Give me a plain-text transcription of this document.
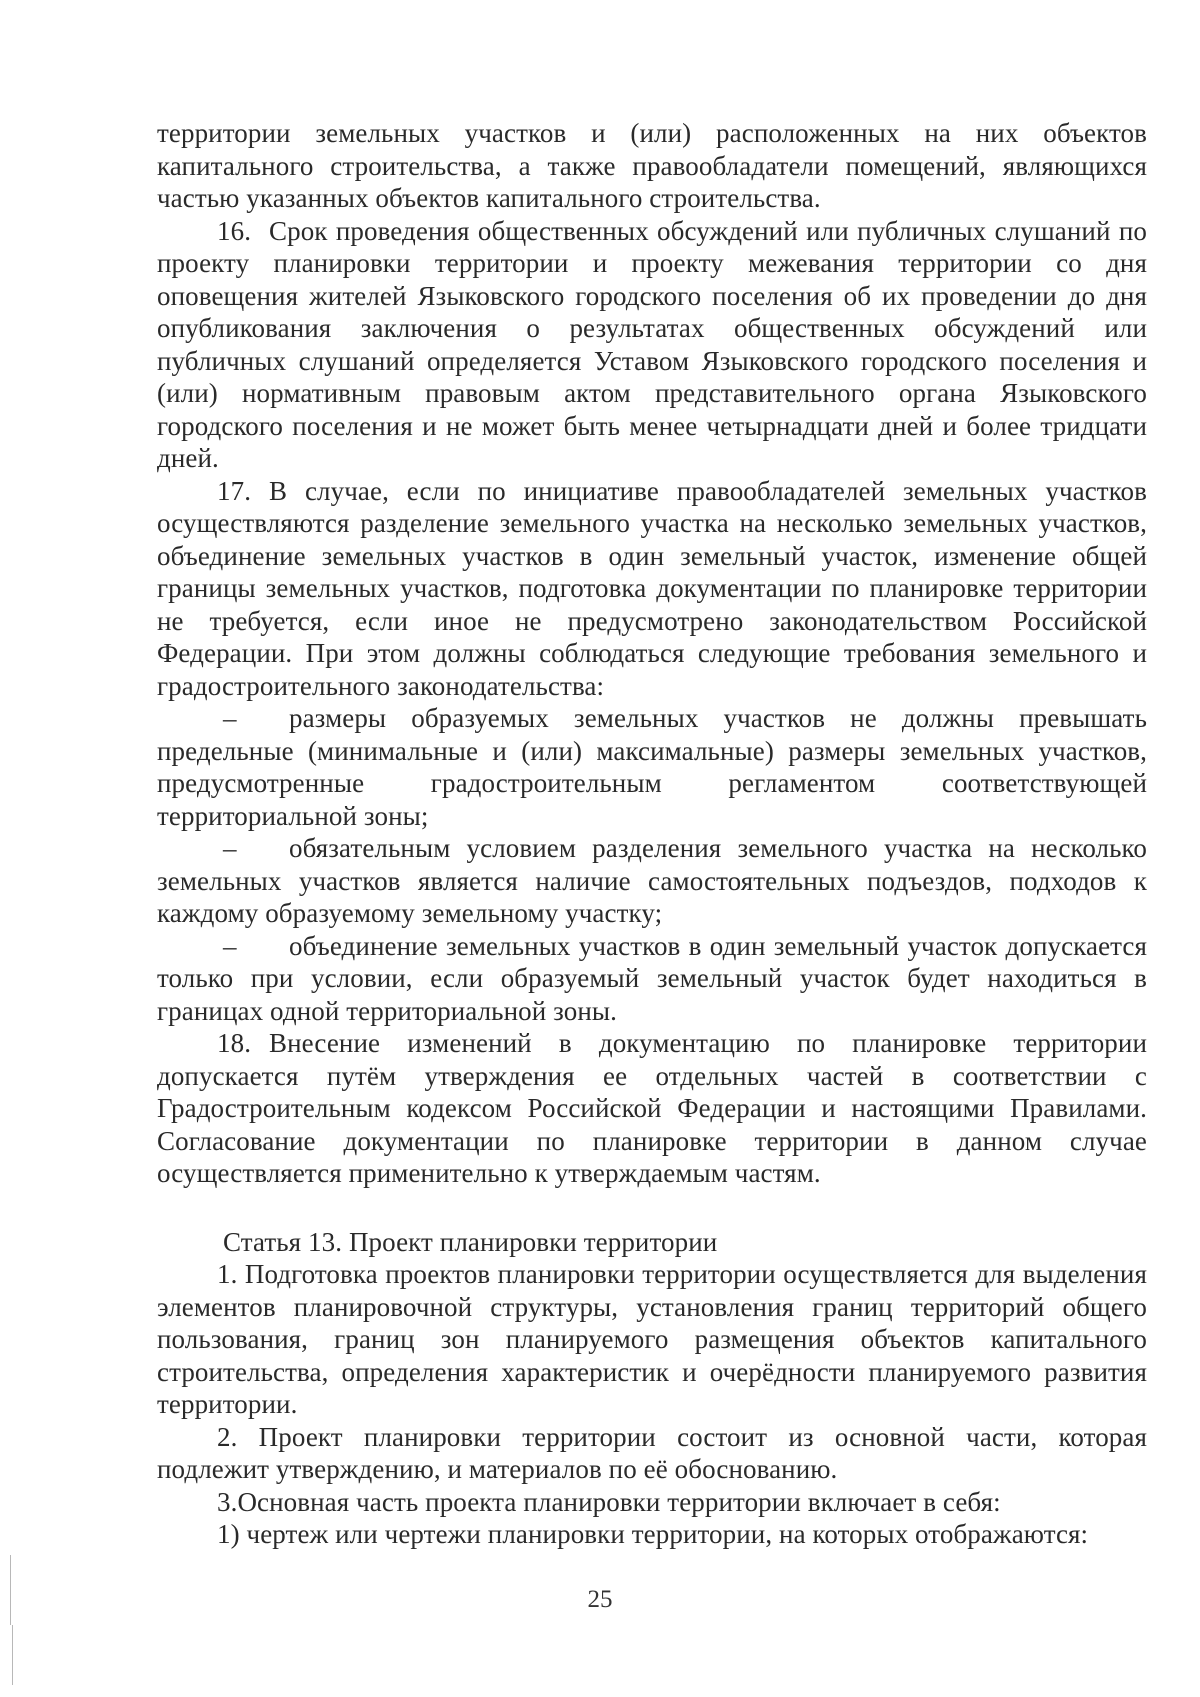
территории земельных участков и (или) расположенных на них объектов капитального строительства, а также правообладатели помещений, являющихся частью указанных объектов капитального строительства.

16. Срок проведения общественных обсуждений или публичных слушаний по проекту планировки территории и проекту межевания территории со дня оповещения жителей Языковского городского поселения об их проведении до дня опубликования заключения о результатах общественных обсуждений или публичных слушаний определяется Уставом Языковского городского поселения и (или) нормативным правовым актом представительного органа Языковского городского поселения и не может быть менее четырнадцати дней и более тридцати дней.

17. В случае, если по инициативе правообладателей земельных участков осуществляются разделение земельного участка на несколько земельных участков, объединение земельных участков в один земельный участок, изменение общей границы земельных участков, подготовка документации по планировке территории не требуется, если иное не предусмотрено законодательством Российской Федерации. При этом должны соблюдаться следующие требования земельного и градостроительного законодательства:

– размеры образуемых земельных участков не должны превышать предельные (минимальные и (или) максимальные) размеры земельных участков, предусмотренные градостроительным регламентом соответствующей территориальной зоны;

– обязательным условием разделения земельного участка на несколько земельных участков является наличие самостоятельных подъездов, подходов к каждому образуемому земельному участку;

– объединение земельных участков в один земельный участок допускается только при условии, если образуемый земельный участок будет находиться в границах одной территориальной зоны.

18. Внесение изменений в документацию по планировке территории допускается путём утверждения ее отдельных частей в соответствии с Градостроительным кодексом Российской Федерации и настоящими Правилами. Согласование документации по планировке территории в данном случае осуществляется применительно к утверждаемым частям.

Статья 13. Проект планировки территории

1. Подготовка проектов планировки территории осуществляется для выделения элементов планировочной структуры, установления границ территорий общего пользования, границ зон планируемого размещения объектов капитального строительства, определения характеристик и очерёдности планируемого развития территории.

2. Проект планировки территории состоит из основной части, которая подлежит утверждению, и материалов по её обоснованию.

3.Основная часть проекта планировки территории включает в себя:

1) чертеж или чертежи планировки территории, на которых отображаются:

25
